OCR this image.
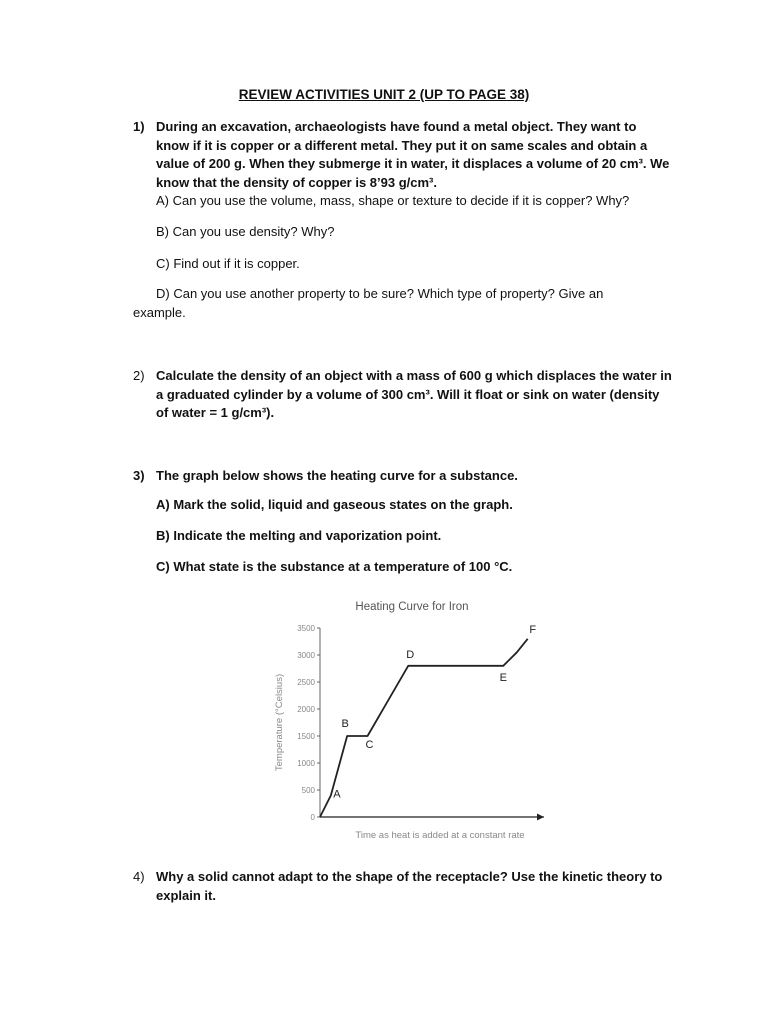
REVIEW ACTIVITIES UNIT 2 (UP TO PAGE 38)
1) During an excavation, archaeologists have found a metal object. They want to know if it is copper or a different metal. They put it on same scales and obtain a value of 200 g. When they submerge it in water, it displaces a volume of 20 cm³. We know that the density of copper is 8’93 g/cm³.
A) Can you use the volume, mass, shape or texture to decide if it is copper? Why?
B) Can you use density? Why?
C) Find out if it is copper.
D) Can you use another property to be sure? Which type of property? Give an
example.
2) Calculate the density of an object with a mass of 600 g which displaces the water in a graduated cylinder by a volume of 300 cm³. Will it float or sink on water (density of water = 1 g/cm³).
3) The graph below shows the heating curve for a substance.
A) Mark the solid, liquid and gaseous states on the graph.
B) Indicate the melting and vaporization point.
C) What state is the substance at a temperature of 100 °C.
Heating Curve for Iron
0
500
1000
1500
2000
2500
3000
3500
Temperature (°Celsius)
Time as heat is added at a constant rate
A
B
C
D
E
F
4) Why a solid cannot adapt to the shape of the receptacle? Use the kinetic theory to explain it.
